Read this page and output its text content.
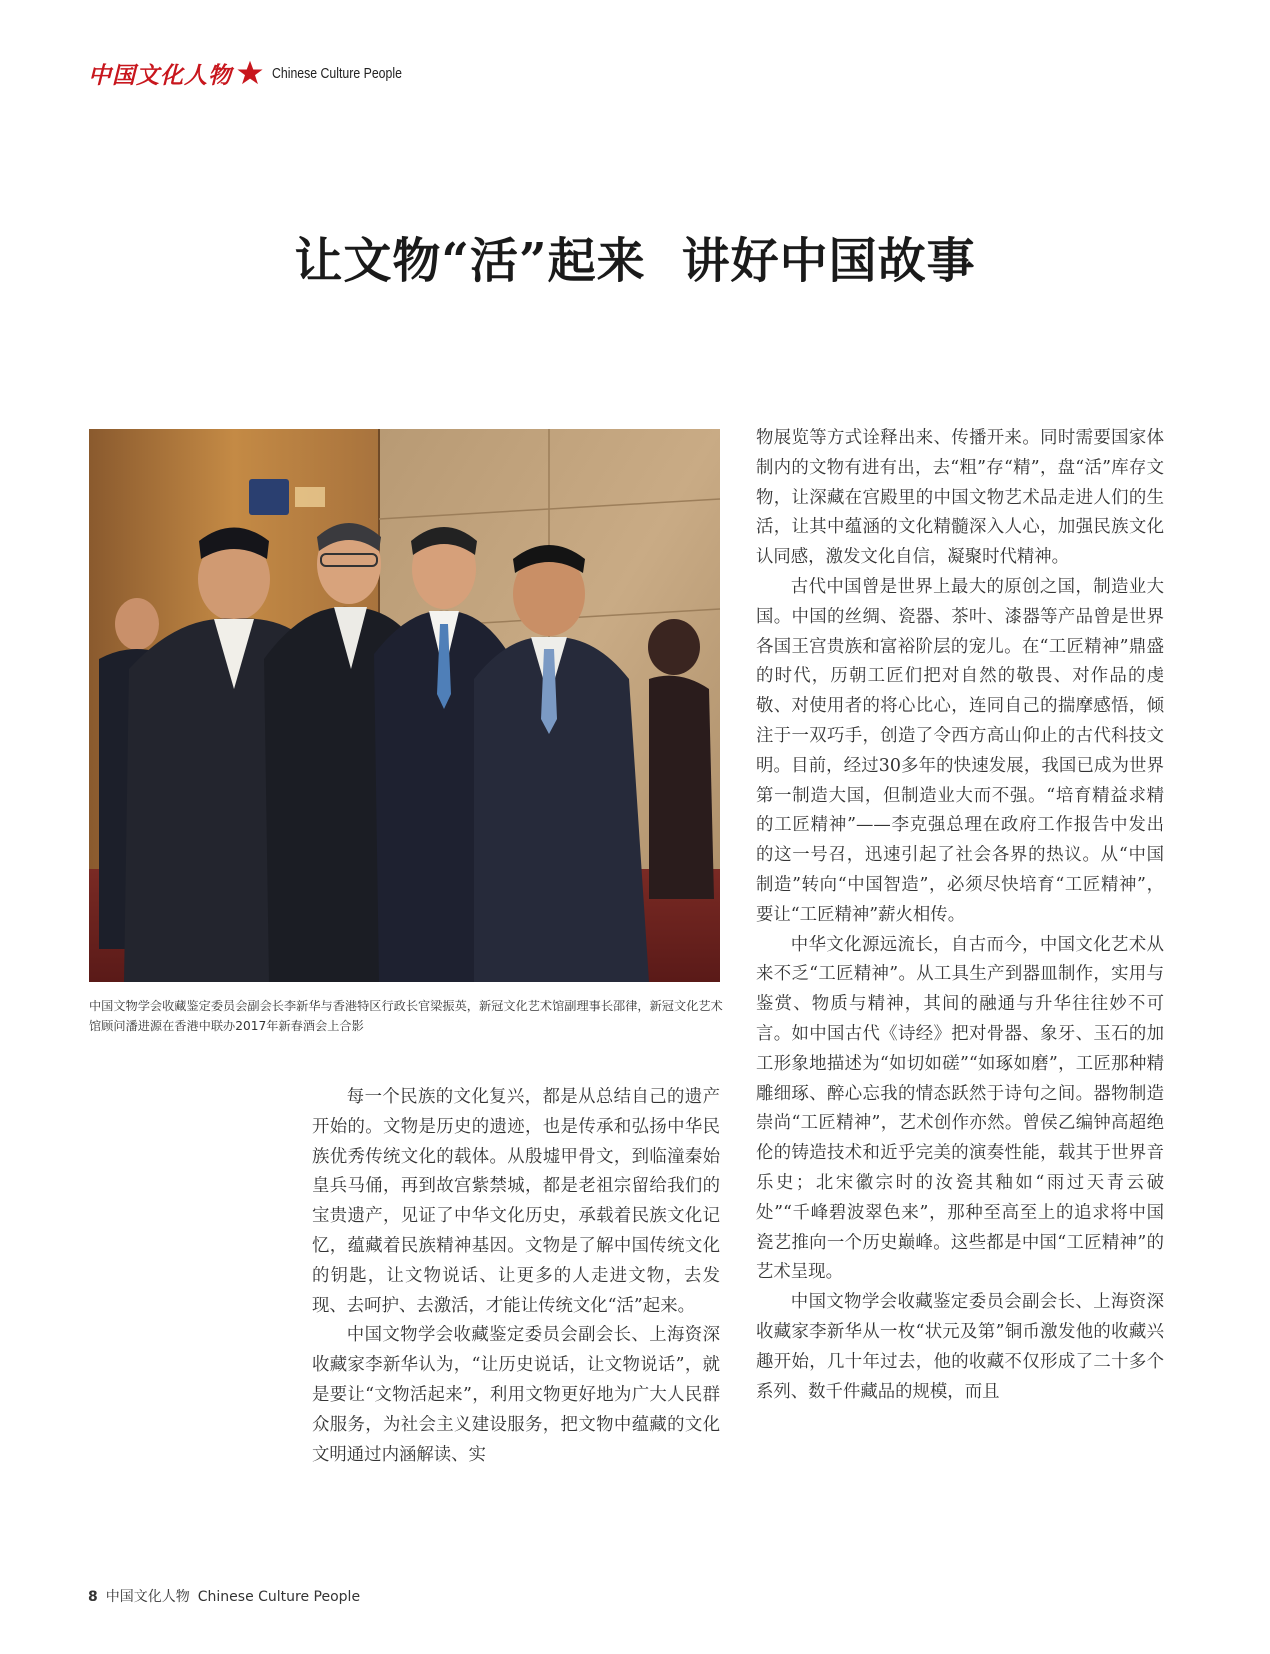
中国文化人物	Chinese Culture People
让文物“活”起来 讲好中国故事

中国文物学会收藏鉴定委员会副会长李新华与香港特区行政长官梁振英，新冠文化艺术馆副理事长邵律，新冠文化艺术馆顾问潘进源在香港中联办2017年新春酒会上合影

每一个民族的文化复兴，都是从总结自己的遗产开始的。文物是历史的遗迹，也是传承和弘扬中华民族优秀传统文化的载体。从殷墟甲骨文，到临潼秦始皇兵马俑，再到故宫紫禁城，都是老祖宗留给我们的宝贵遗产，见证了中华文化历史，承载着民族文化记忆，蕴藏着民族精神基因。文物是了解中国传统文化的钥匙，让文物说话、让更多的人走进文物，去发现、去呵护、去激活，才能让传统文化“活”起来。

中国文物学会收藏鉴定委员会副会长、上海资深收藏家李新华认为，“让历史说话，让文物说话”，就是要让“文物活起来”，利用文物更好地为广大人民群众服务，为社会主义建设服务，把文物中蕴藏的文化文明通过内涵解读、实

物展览等方式诠释出来、传播开来。同时需要国家体制内的文物有进有出，去“粗”存“精”，盘“活”库存文物，让深藏在宫殿里的中国文物艺术品走进人们的生活，让其中蕴涵的文化精髓深入人心，加强民族文化认同感，激发文化自信，凝聚时代精神。

古代中国曾是世界上最大的原创之国，制造业大国。中国的丝绸、瓷器、茶叶、漆器等产品曾是世界各国王宫贵族和富裕阶层的宠儿。在“工匠精神”鼎盛的时代，历朝工匠们把对自然的敬畏、对作品的虔敬、对使用者的将心比心，连同自己的揣摩感悟，倾注于一双巧手，创造了令西方高山仰止的古代科技文明。目前，经过30多年的快速发展，我国已成为世界第一制造大国，但制造业大而不强。“培育精益求精的工匠精神”——李克强总理在政府工作报告中发出的这一号召，迅速引起了社会各界的热议。从“中国制造”转向“中国智造”，必须尽快培育“工匠精神”，要让“工匠精神”薪火相传。

中华文化源远流长，自古而今，中国文化艺术从来不乏“工匠精神”。从工具生产到器皿制作，实用与鉴赏、物质与精神，其间的融通与升华往往妙不可言。如中国古代《诗经》把对骨器、象牙、玉石的加工形象地描述为“如切如磋”“如琢如磨”，工匠那种精雕细琢、醉心忘我的情态跃然于诗句之间。器物制造崇尚“工匠精神”，艺术创作亦然。曾侯乙编钟高超绝伦的铸造技术和近乎完美的演奏性能，载其于世界音乐史；北宋徽宗时的汝瓷其釉如“雨过天青云破处”“千峰碧波翠色来”，那种至高至上的追求将中国瓷艺推向一个历史巅峰。这些都是中国“工匠精神”的艺术呈现。

中国文物学会收藏鉴定委员会副会长、上海资深收藏家李新华从一枚“状元及第”铜币激发他的收藏兴趣开始，几十年过去，他的收藏不仅形成了二十多个系列、数千件藏品的规模，而且

8 中国文化人物 Chinese Culture People
